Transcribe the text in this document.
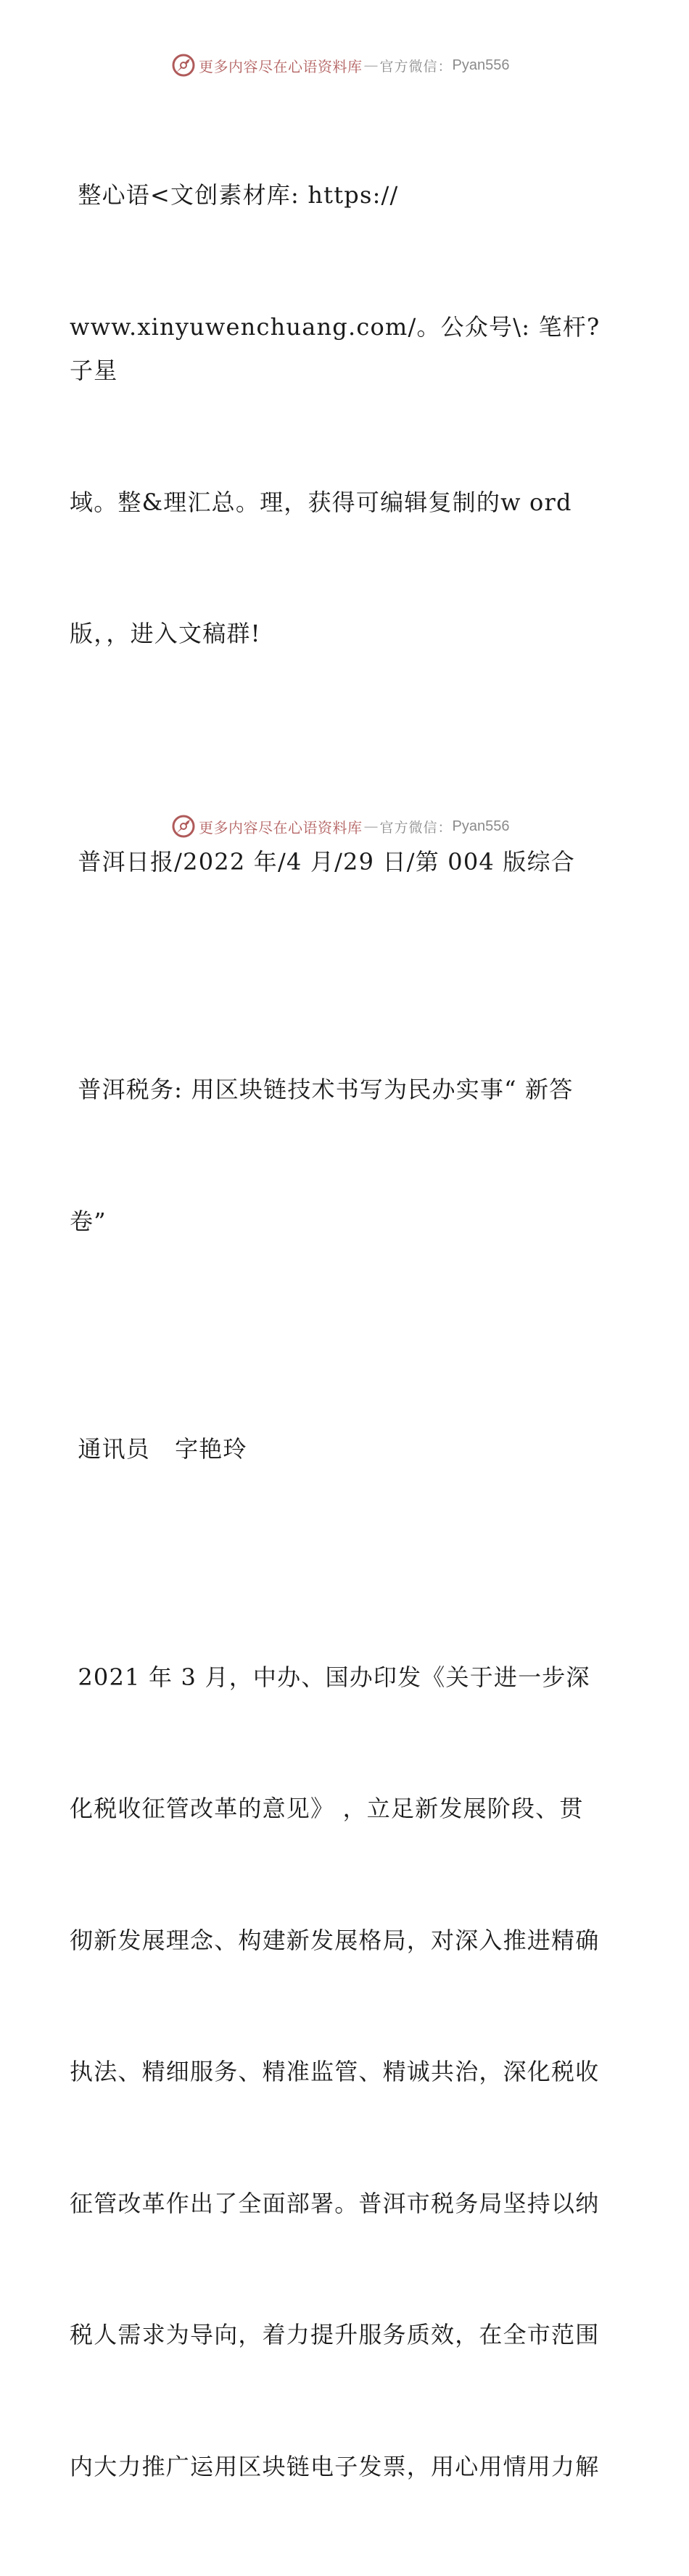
更多内容尽在心语资料库 — 官方微信： Pyan556

整心语<文创素材库: https://

www.xinyuwenchuang.com/。公众号\: 笔杆?子星

域。整&理汇总。理，获得可编辑复制的w ord

版，，进入文稿群!

普洱日报/2022 年/4 月/29 日/第 004 版综合

普洱税务: 用区块链技术书写为民办实事“ 新答

卷”

通讯员   字艳玲

2021 年 3 月，中办、国办印发《关于进一步深

化税收征管改革的意见》 ，立足新发展阶段、贯

彻新发展理念、构建新发展格局，对深入推进精确

执法、精细服务、精准监管、精诚共治，深化税收

征管改革作出了全面部署。普洱市税务局坚持以纳

税人需求为导向，着力提升服务质效，在全市范围

内大力推广运用区块链电子发票，用心用情用力解

更多内容尽在心语资料库 — 官方微信： Pyan556
